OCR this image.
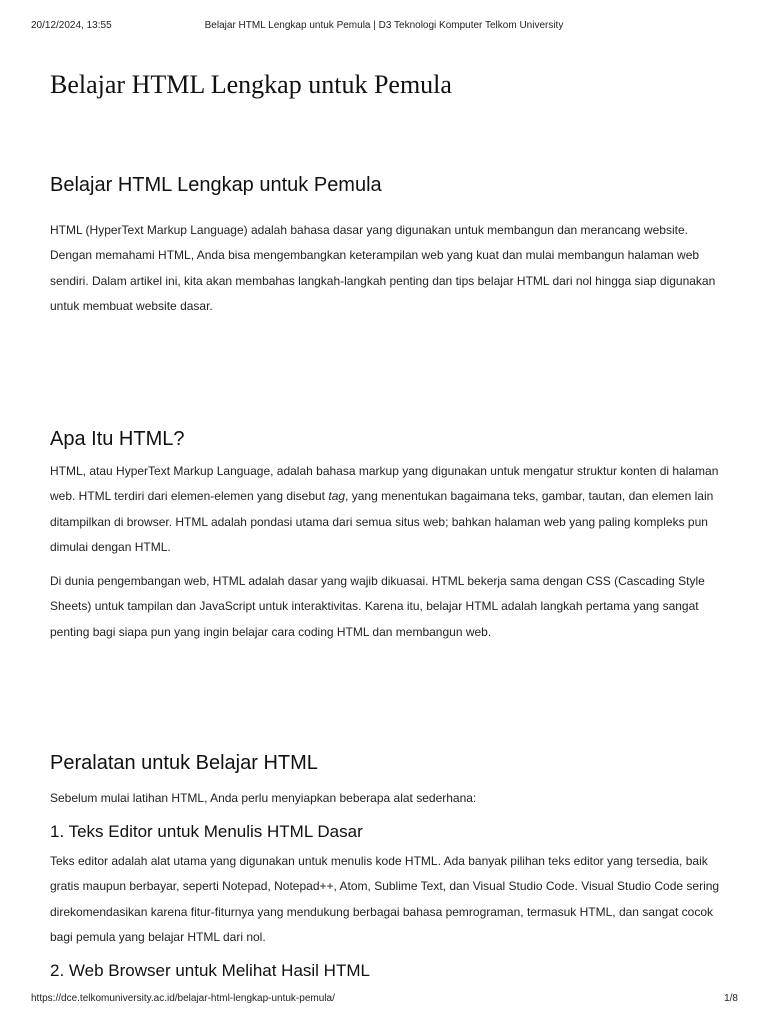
20/12/2024, 13:55	Belajar HTML Lengkap untuk Pemula | D3 Teknologi Komputer Telkom University
Belajar HTML Lengkap untuk Pemula
Belajar HTML Lengkap untuk Pemula

HTML (HyperText Markup Language) adalah bahasa dasar yang digunakan untuk membangun dan merancang website. Dengan memahami HTML, Anda bisa mengembangkan keterampilan web yang kuat dan mulai membangun halaman web sendiri. Dalam artikel ini, kita akan membahas langkah-langkah penting dan tips belajar HTML dari nol hingga siap digunakan untuk membuat website dasar.

Apa Itu HTML?

HTML, atau HyperText Markup Language, adalah bahasa markup yang digunakan untuk mengatur struktur konten di halaman web. HTML terdiri dari elemen-elemen yang disebut tag, yang menentukan bagaimana teks, gambar, tautan, dan elemen lain ditampilkan di browser. HTML adalah pondasi utama dari semua situs web; bahkan halaman web yang paling kompleks pun dimulai dengan HTML.

Di dunia pengembangan web, HTML adalah dasar yang wajib dikuasai. HTML bekerja sama dengan CSS (Cascading Style Sheets) untuk tampilan dan JavaScript untuk interaktivitas. Karena itu, belajar HTML adalah langkah pertama yang sangat penting bagi siapa pun yang ingin belajar cara coding HTML dan membangun web.

Peralatan untuk Belajar HTML

Sebelum mulai latihan HTML, Anda perlu menyiapkan beberapa alat sederhana:

1. Teks Editor untuk Menulis HTML Dasar

Teks editor adalah alat utama yang digunakan untuk menulis kode HTML. Ada banyak pilihan teks editor yang tersedia, baik gratis maupun berbayar, seperti Notepad, Notepad++, Atom, Sublime Text, dan Visual Studio Code. Visual Studio Code sering direkomendasikan karena fitur-fiturnya yang mendukung berbagai bahasa pemrograman, termasuk HTML, dan sangat cocok bagi pemula yang belajar HTML dari nol.

2. Web Browser untuk Melihat Hasil HTML
https://dce.telkomuniversity.ac.id/belajar-html-lengkap-untuk-pemula/	1/8
